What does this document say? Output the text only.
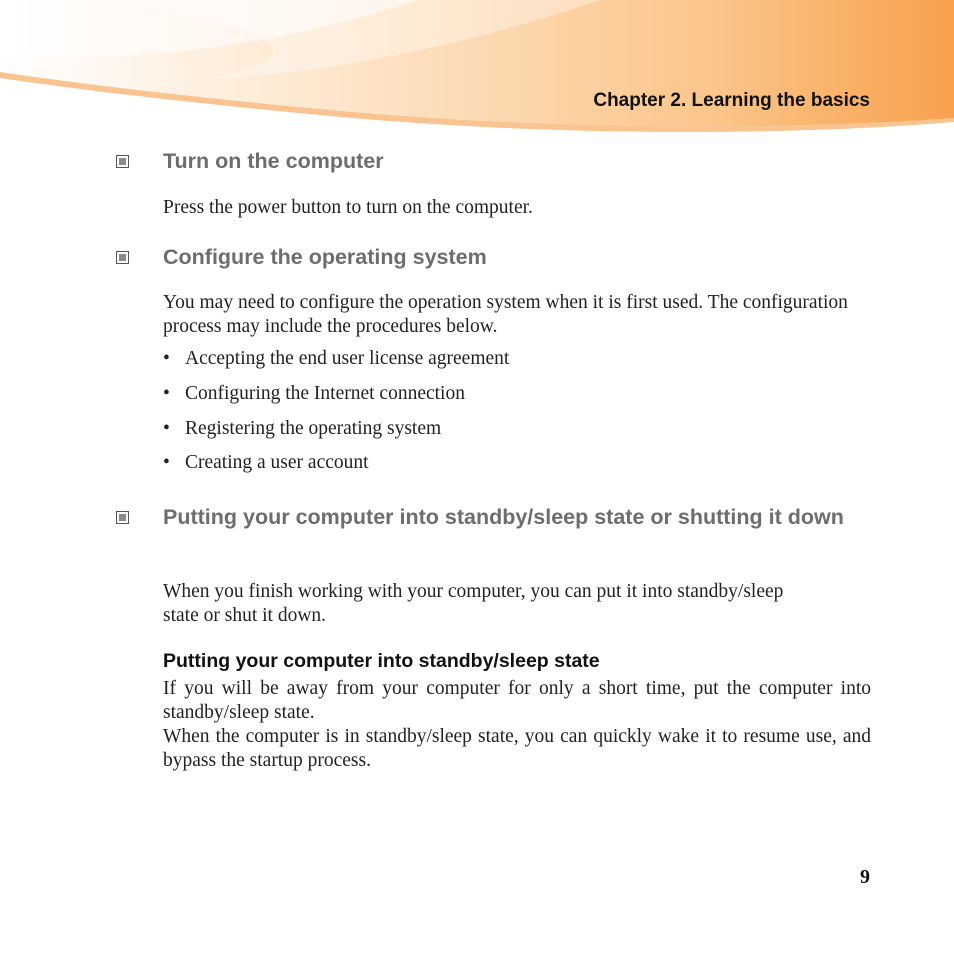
Chapter 2. Learning the basics
Turn on the computer
Press the power button to turn on the computer.
Configure the operating system
You may need to configure the operation system when it is first used. The configuration process may include the procedures below.
• Accepting the end user license agreement
• Configuring the Internet connection
• Registering the operating system
• Creating a user account
Putting your computer into standby/sleep state or shutting it down
When you finish working with your computer, you can put it into standby/sleep state or shut it down.
Putting your computer into standby/sleep state
If you will be away from your computer for only a short time, put the computer into standby/sleep state.
When the computer is in standby/sleep state, you can quickly wake it to resume use, and bypass the startup process.
9
